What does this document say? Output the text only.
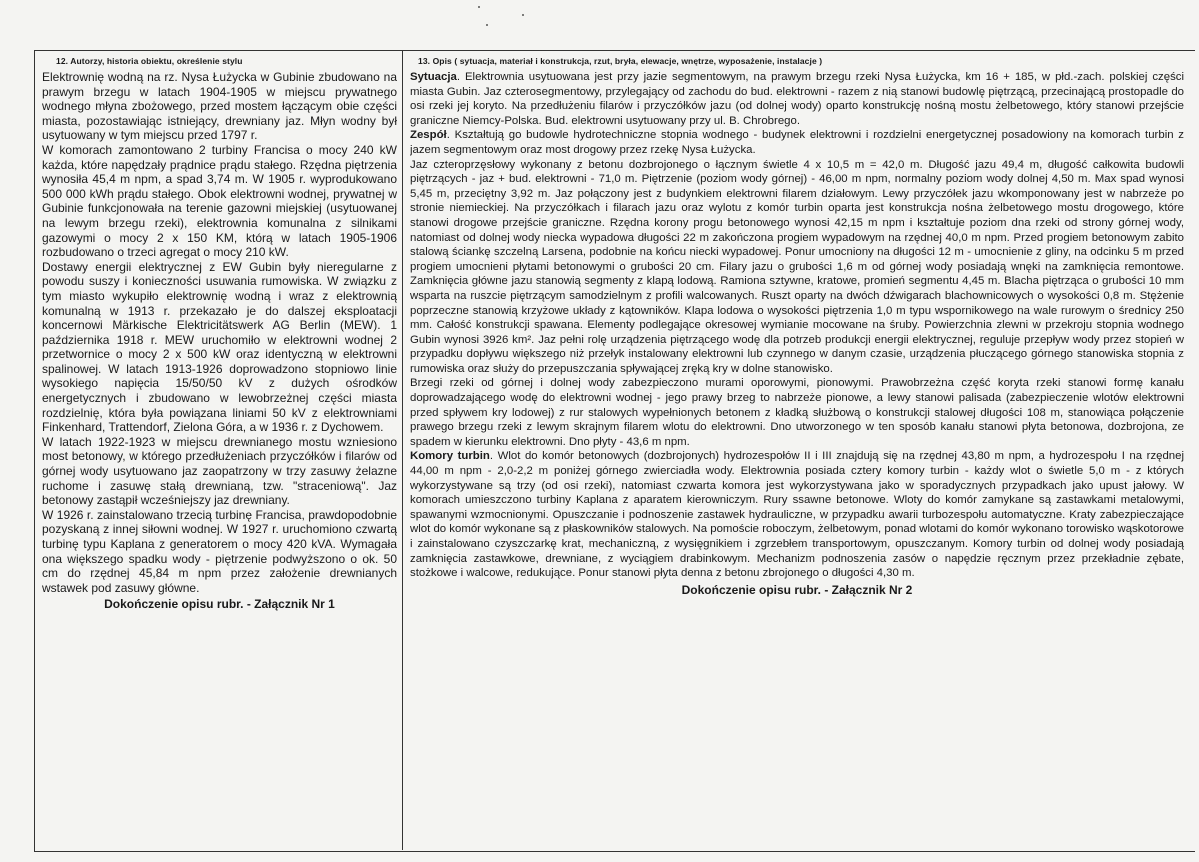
12. Autorzy, historia obiektu, określenie stylu

Elektrownię wodną na rz. Nysa Łużycka w Gubinie zbudowano na prawym brzegu w latach 1904-1905 w miejscu prywatnego wodnego młyna zbożowego, przed mostem łączącym obie części miasta, pozostawiając istniejący, drewniany jaz. Młyn wodny był usytuowany w tym miejscu przed 1797 r.

W komorach zamontowano 2 turbiny Francisa o mocy 240 kW każda, które napędzały prądnice prądu stałego. Rzędna piętrzenia wynosiła 45,4 m npm, a spad 3,74 m. W 1905 r. wyprodukowano 500 000 kWh prądu stałego. Obok elektrowni wodnej, prywatnej w Gubinie funkcjonowała na terenie gazowni miejskiej (usytuowanej na lewym brzegu rzeki), elektrownia komunalna z silnikami gazowymi o mocy 2 x 150 KM, którą w latach 1905-1906 rozbudowano o trzeci agregat o mocy 210 kW.

Dostawy energii elektrycznej z EW Gubin były nieregularne z powodu suszy i konieczności usuwania rumowiska. W związku z tym miasto wykupiło elektrownię wodną i wraz z elektrownią komunalną w 1913 r. przekazało je do dalszej eksploatacji koncernowi Märkische Elektricitätswerk AG Berlin (MEW). 1 października 1918 r. MEW uruchomiło w elektrowni wodnej 2 przetwornice o mocy 2 x 500 kW oraz identyczną w elektrowni spalinowej. W latach 1913-1926 doprowadzono stopniowo linie wysokiego napięcia 15/50/50 kV z dużych ośrodków energetycznych i zbudowano w lewobrzeżnej części miasta rozdzielnię, która była powiązana liniami 50 kV z elektrowniami Finkenhard, Trattendorf, Zielona Góra, a w 1936 r. z Dychowem.

W latach 1922-1923 w miejscu drewnianego mostu wzniesiono most betonowy, w którego przedłużeniach przyczółków i filarów od górnej wody usytuowano jaz zaopatrzony w trzy zasuwy żelazne ruchome i zasuwę stałą drewnianą, tzw. "straceniową". Jaz betonowy zastąpił wcześniejszy jaz drewniany.

W 1926 r. zainstalowano trzecią turbinę Francisa, prawdopodobnie pozyskaną z innej siłowni wodnej. W 1927 r. uruchomiono czwartą turbinę typu Kaplana z generatorem o mocy 420 kVA. Wymagała ona większego spadku wody - piętrzenie podwyższono o ok. 50 cm do rzędnej 45,84 m npm przez założenie drewnianych wstawek pod zasuwy główne.

Dokończenie opisu rubr. - Załącznik Nr 1
13. Opis ( sytuacja, materiał i konstrukcja, rzut, bryła, elewacje, wnętrze, wyposażenie, instalacje )

Sytuacja. Elektrownia usytuowana jest przy jazie segmentowym, na prawym brzegu rzeki Nysa Łużycka, km 16 + 185, w płd.-zach. polskiej części miasta Gubin. Jaz czterosegmentowy, przylegający od zachodu do bud. elektrowni - razem z nią stanowi budowlę piętrzącą, przecinającą prostopadle do osi rzeki jej koryto. Na przedłużeniu filarów i przyczółków jazu (od dolnej wody) oparto konstrukcję nośną mostu żelbetowego, który stanowi przejście graniczne Niemcy-Polska. Bud. elektrowni usytuowany przy ul. B. Chrobrego.

Zespół. Kształtują go budowle hydrotechniczne stopnia wodnego - budynek elektrowni i rozdzielni energetycznej posadowiony na komorach turbin z jazem segmentowym oraz most drogowy przez rzekę Nysa Łużycka.

Jaz czteroprzęsłowy wykonany z betonu dozbrojonego o łącznym świetle 4 x 10,5 m = 42,0 m. Długość jazu 49,4 m, długość całkowita budowli piętrzących - jaz + bud. elektrowni - 71,0 m. Piętrzenie (poziom wody górnej) - 46,00 m npm, normalny poziom wody dolnej 4,50 m. Max spad wynosi 5,45 m, przeciętny 3,92 m. Jaz połączony jest z budynkiem elektrowni filarem działowym. Lewy przyczółek jazu wkomponowany jest w nabrzeże po stronie niemieckiej. Na przyczółkach i filarach jazu oraz wylotu z komór turbin oparta jest konstrukcja nośna żelbetowego mostu drogowego, które stanowi drogowe przejście graniczne. Rzędna korony progu betonowego wynosi 42,15 m npm i kształtuje poziom dna rzeki od strony górnej wody, natomiast od dolnej wody niecka wypadowa długości 22 m zakończona progiem wypadowym na rzędnej 40,0 m npm. Przed progiem betonowym zabito stalową ściankę szczelną Larsena, podobnie na końcu niecki wypadowej. Ponur umocniony na długości 12 m - umocnienie z gliny, na odcinku 5 m przed progiem umocnieni płytami betonowymi o grubości 20 cm. Filary jazu o grubości 1,6 m od górnej wody posiadają wnęki na zamknięcia remontowe. Zamknięcia główne jazu stanowią segmenty z klapą lodową. Ramiona sztywne, kratowe, promień segmentu 4,45 m. Blacha piętrząca o grubości 10 mm wsparta na ruszcie piętrzącym samodzielnym z profili walcowanych. Ruszt oparty na dwóch dźwigarach blachownicowych o wysokości 0,8 m. Stężenie poprzeczne stanowią krzyżowe układy z kątowników. Klapa lodowa o wysokości piętrzenia 1,0 m typu wspornikowego na wale rurowym o średnicy 250 mm. Całość konstrukcji spawana. Elementy podlegające okresowej wymianie mocowane na śruby. Powierzchnia zlewni w przekroju stopnia wodnego Gubin wynosi 3926 km². Jaz pełni rolę urządzenia piętrzącego wodę dla potrzeb produkcji energii elektrycznej, reguluje przepływ wody przez stopień w przypadku dopływu większego niż przełyk instalowany elektrowni lub czynnego w danym czasie, urządzenia płuczącego górnego stanowiska stopnia z rumowiska oraz służy do przepuszczania spływającej zręką kry w dolne stanowisko.

Brzegi rzeki od górnej i dolnej wody zabezpieczono murami oporowymi, pionowymi. Prawobrzeżna część koryta rzeki stanowi formę kanału doprowadzającego wodę do elektrowni wodnej - jego prawy brzeg to nabrzeże pionowe, a lewy stanowi palisada (zabezpieczenie wlotów elektrowni przed spływem kry lodowej) z rur stalowych wypełnionych betonem z kładką służbową o konstrukcji stalowej długości 108 m, stanowiąca połączenie prawego brzegu rzeki z lewym skrajnym filarem wlotu do elektrowni. Dno utworzonego w ten sposób kanału stanowi płyta betonowa, dozbrojona, ze spadem w kierunku elektrowni. Dno płyty - 43,6 m npm.

Komory turbin. Wlot do komór betonowych (dozbrojonych) hydrozespołów II i III znajdują się na rzędnej 43,80 m npm, a hydrozespołu I na rzędnej 44,00 m npm - 2,0-2,2 m poniżej górnego zwierciadła wody. Elektrownia posiada cztery komory turbin - każdy wlot o świetle 5,0 m - z których wykorzystywane są trzy (od osi rzeki), natomiast czwarta komora jest wykorzystywana jako w sporadycznych przypadkach jako upust jałowy. W komorach umieszczono turbiny Kaplana z aparatem kierowniczym. Rury ssawne betonowe. Wloty do komór zamykane są zastawkami metalowymi, spawanymi wzmocnionymi. Opuszczanie i podnoszenie zastawek hydrauliczne, w przypadku awarii turbozespołu automatyczne. Kraty zabezpieczające wlot do komór wykonane są z płaskowników stalowych. Na pomoście roboczym, żelbetowym, ponad wlotami do komór wykonano torowisko wąskotorowe i zainstalowano czyszczarkę krat, mechaniczną, z wysięgnikiem i zgrzebłem transportowym, opuszczanym. Komory turbin od dolnej wody posiadają zamknięcia zastawkowe, drewniane, z wyciągiem drabinkowym. Mechanizm podnoszenia zasów o napędzie ręcznym przez przekładnie zębate, stożkowe i walcowe, redukujące. Ponur stanowi płyta denna z betonu zbrojonego o długości 4,30 m.

Dokończenie opisu rubr. - Załącznik Nr 2
